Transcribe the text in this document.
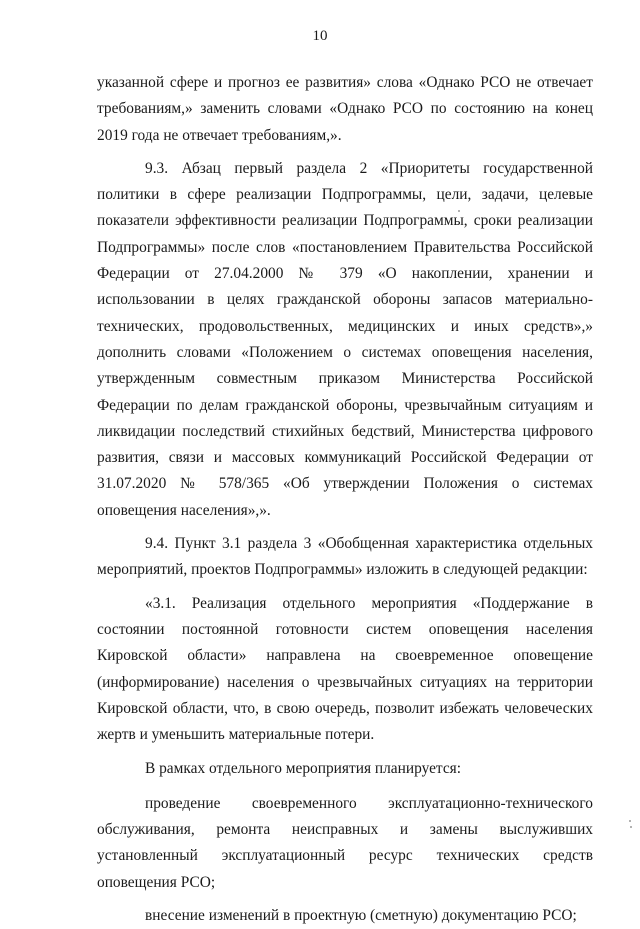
10

указанной сфере и прогноз ее развития» слова «Однако РСО не отвечает требованиям,» заменить словами «Однако РСО по состоянию на конец 2019 года не отвечает требованиям,».

9.3. Абзац первый раздела 2 «Приоритеты государственной политики в сфере реализации Подпрограммы, цели, задачи, целевые показатели эффективности реализации Подпрограммы, сроки реализации Подпрограммы» после слов «постановлением Правительства Российской Федерации от 27.04.2000 № 379 «О накоплении, хранении и использовании в целях гражданской обороны запасов материально-технических, продовольственных, медицинских и иных средств»,» дополнить словами «Положением о системах оповещения населения, утвержденным совместным приказом Министерства Российской Федерации по делам гражданской обороны, чрезвычайным ситуациям и ликвидации последствий стихийных бедствий, Министерства цифрового развития, связи и массовых коммуникаций Российской Федерации от 31.07.2020 № 578/365 «Об утверждении Положения о системах оповещения населения»,».

9.4. Пункт 3.1 раздела 3 «Обобщенная характеристика отдельных мероприятий, проектов Подпрограммы» изложить в следующей редакции:

«3.1. Реализация отдельного мероприятия «Поддержание в состоянии постоянной готовности систем оповещения населения Кировской области» направлена на своевременное оповещение (информирование) населения о чрезвычайных ситуациях на территории Кировской области, что, в свою очередь, позволит избежать человеческих жертв и уменьшить материальные потери.

В рамках отдельного мероприятия планируется:

проведение своевременного эксплуатационно-технического обслуживания, ремонта неисправных и замены выслуживших установленный эксплуатационный ресурс технических средств оповещения РСО;

внесение изменений в проектную (сметную) документацию РСО;
